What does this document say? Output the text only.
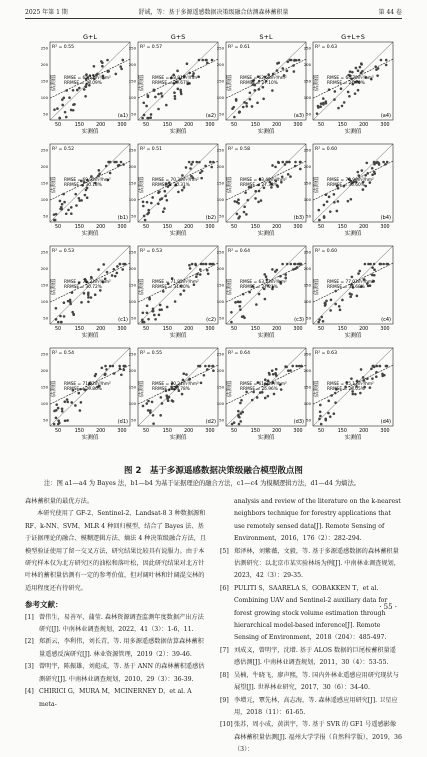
2025 年第 1 期	舒诚，等：基于多源遥感数据决策级融合估测森林蓄积量	第 44 卷
G+L	G+S	S+L	G+L+S
R² = 0.55
RMSE = 65.13m³/hm²
RRMSE = 28.09%
(a1)
50
100
150
200
250
估测值
50	150	200	300
实测值
R² = 0.57
RMSE = 68.81m³/hm²
RRMSE = 29.67%
(a2)
50
100
150
200
250
估测值
50	150	200	300
实测值
R² = 0.61
RMSE = 62.68m³/hm²
RRMSE = 27.10%
(a3)
50
100
150
200
250
估测值
50	150	200	300
实测值
R² = 0.63
RMSE = 64.70m³/hm²
RRMSE = 27.90%
(a4)
50
100
150
200
250
估测值
50	150	200	300
实测值
R² = 0.52
RMSE = 69.95m³/hm²
RRMSE = 30.18%
(b1)
50
100
150
200
250
估测值
50	150	200	300
实测值
R² = 0.51
RMSE = 70.30m³/hm²
RRMSE = 30.31%
(b2)
50
100
150
200
250
估测值
50	150	200	300
实测值
R² = 0.58
RMSE = 63.49m³/hm²
RRMSE = 27.38%
(b3)
50
100
150
200
250
估测值
50	150	200	300
实测值
R² = 0.60
RMSE = 70.96m³/hm²
RRMSE = 30.60%
(b4)
50
100
150
200
250
估测值
50	150	200	300
实测值
R² = 0.53
RMSE = 71.23m³/hm²
RRMSE = 30.72%
(c1)
50
100
150
200
250
估测值
50	150	200	300
实测值
R² = 0.53
RMSE = 71.85m³/hm²
RRMSE = 31.00%
(c2)
50
100
150
200
250
估测值
50	150	200	300
实测值
R² = 0.64
RMSE = 63.13m³/hm²
RRMSE = 27.21%
(c3)
50
100
150
200
250
估测值
50	150	200	300
实测值
R² = 0.60
RMSE = 77.03m³/hm²
RRMSE = 33.68%
(c4)
50
100
150
200
250
估测值
50	150	200	300
实测值
R² = 0.54
RMSE = 71.02m³/hm²
RRMSE = 29.86%
(d1)
50
100
150
200
250
估测值
50	150	200	300
实测值
R² = 0.55
RMSE = 70.24m³/hm²
RRMSE = 29.78%
(d2)
50
100
150
200
250
估测值
50	150	200	300
实测值
R² = 0.64
RMSE = 61.25m³/hm²
RRMSE = 25.96%
(d3)
50
100
150
200
250
估测值
50	150	200	300
实测值
R² = 0.63
RMSE = 65.13m³/hm²
RRMSE = 28.05%
(d4)
50
100
150
200
250
估测值
50	150	200	300
实测值
图 2　基于多源遥感数据决策级融合模型散点图
注：图 a1—a4 为 Bayes 法，b1—b4 为基于证据理论的融合方法，c1—c4 为模糊逻辑方法，d1—d4 为熵法。

森林蓄积量的最优方法。

本研究使用了 GF-2、Sentinel-2、Landsat-8 3 种数据源和 RF、k-NN、SVM、MLR 4 种回归模型，结合了 Bayes 法、基于证据理论的融合、模糊逻辑方法、熵法 4 种决策级融合方法，且模型验证使用了留一交叉方法，研究结果比较具有说服力。由于本研究样本仅为北方研究区的油松和落叶松，因此研究结果对北方针叶林的蓄积量估测有一定的参考价值，但对阔叶林和针阔混交林的适用程度还有待研究。

参考文献：

[1] 曾伟生，易善军，蒲莹. 森林资源调查监测年度数据产出方法研究[J]. 中南林业调查规划，2022，41（3）：1-6，11.
[2] 郑新云，李利伟，刘长青，等. 用多源遥感数据估算森林蓄积量遥感反演研究[J]. 林业资源管理，2019（2）：39-46.
[3] 曾明宇，陈振雄，刘彪成，等. 基于 ANN 的森林蓄积遥感估测研究[J]. 中南林业调查规划，2010，29（3）：36-39.
[4] CHIRICI G，MURA M，MCINERNEY D，et al. A meta-

analysis and review of the literature on the k-nearest neighbors technique for forestry applications that use remotely sensed data[J]. Remote Sensing of Environment，2016，176（2）：282-294.

[5] 郑泽林，刘紫薇，文毅，等. 基于多源遥感数据的森林蓄积量估测研究：以北京市某实验林场为例[J]. 中南林业调查规划，2023，42（3）：29-35.
[6] PULITI S，SAARELA S，GOBAKKEN T，et al. Combining UAV and Sentinel-2 auxiliary data for forest growing stock volume estimation through hierarchical model-based inference[J]. Remote Sensing of Environment，2018（204）：485-497.
[7] 刘成义，曾明宇，沈增. 基于 ALOS 数据的巨尾桉蓄积量遥感估测[J]. 中南林业调查规划，2011，30（4）：53-55.
[8] 吴楠，牛晓飞，廖声熙，等. 国内外林业遥感应用研究现状与展望[J]. 世界林业研究，2017，30（6）：34-40.
[9] 李增元，覃先林，高志海，等. 森林遥感应用研究[J]. 卫星应用，2018（11）：61-65.
[10] 张苏，周小成，黄洪宇，等. 基于 SVR 的 GF1 号遥感影像森林蓄积量估测[J]. 福州大学学报（自然科学版），2019，36（3）：
· 55 ·
